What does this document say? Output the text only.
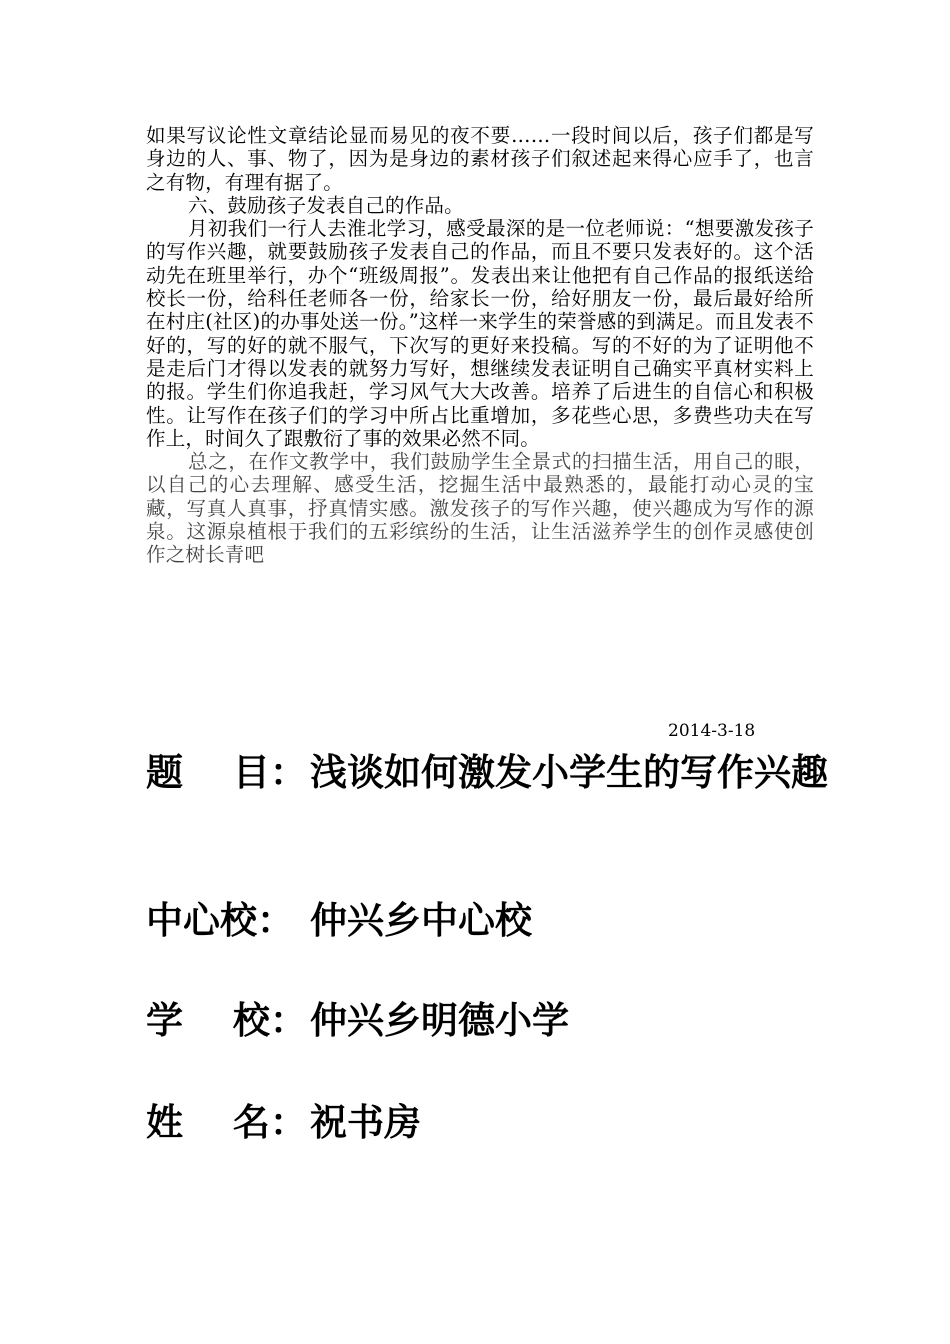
如果写议论性文章结论显而易见的夜不要……一段时间以后，孩子们都是写身边的人、事、物了，因为是身边的素材孩子们叙述起来得心应手了，也言之有物，有理有据了。

六、鼓励孩子发表自己的作品。

月初我们一行人去淮北学习，感受最深的是一位老师说：“想要激发孩子的写作兴趣，就要鼓励孩子发表自己的作品，而且不要只发表好的。这个活动先在班里举行，办个“班级周报”。发表出来让他把有自己作品的报纸送给校长一份，给科任老师各一份，给家长一份，给好朋友一份，最后最好给所在村庄(社区)的办事处送一份。”这样一来学生的荣誉感的到满足。而且发表不好的，写的好的就不服气，下次写的更好来投稿。写的不好的为了证明他不是走后门才得以发表的就努力写好，想继续发表证明自己确实平真材实料上的报。学生们你追我赶，学习风气大大改善。培养了后进生的自信心和积极性。让写作在孩子们的学习中所占比重增加，多花些心思，多费些功夫在写作上，时间久了跟敷衍了事的效果必然不同。

总之，在作文教学中，我们鼓励学生全景式的扫描生活，用自己的眼，以自己的心去理解、感受生活，挖掘生活中最熟悉的，最能打动心灵的宝藏，写真人真事，抒真情实感。激发孩子的写作兴趣，使兴趣成为写作的源泉。这源泉植根于我们的五彩缤纷的生活，让生活滋养学生的创作灵感使创作之树长青吧

2014-3-18
题　 目： 浅谈如何激发小学生的写作兴趣
中心校： 仲兴乡中心校
学　 校： 仲兴乡明德小学
姓　 名： 祝书房
